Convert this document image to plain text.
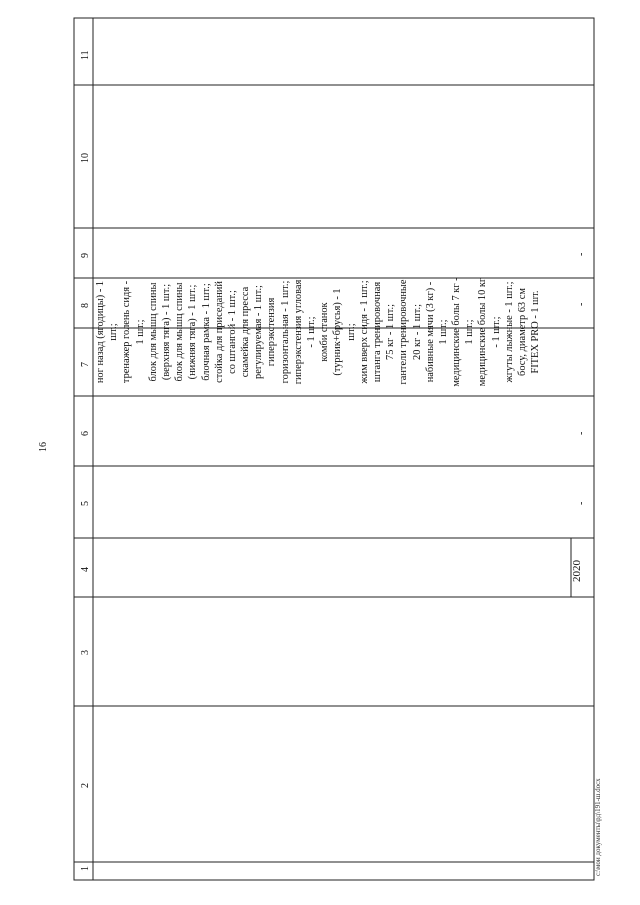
16
1
2
3
4
5
6
7
8
9
10
11
2020
-
-
-
-
ног назад (ягодицы) - 1 шт.; тренажер голень сидя - 1 шт.; блок для мышц спины (верхняя тяга) - 1 шт.; блок для мышц спины (нижняя тяга) - 1 шт.; блочная рамка - 1 шт.; стойка для приседаний со штангой - 1 шт.; скамейка для пресса регулируемая - 1 шт.; гиперэкстензия горизонтальная - 1 шт.; гиперэкстензия угловая - 1 шт.; комби станок (турник+брусья) - 1 шт.; жим вверх сидя - 1 шт.; штанга тренировочная 75 кг - 1 шт.; гантели тренировочные 20 кг - 1 шт.; набивные мячи (3 кг) - 1 шт.; медицинские болы 7 кг - 1 шт.; медицинские болы 10 кг - 1 шт.; жгуты лыжные - 1 шт.; босу, диаметр 63 см FITEX PRO - 1 шт.
c:\мои документы\рд\191-ш.docx
